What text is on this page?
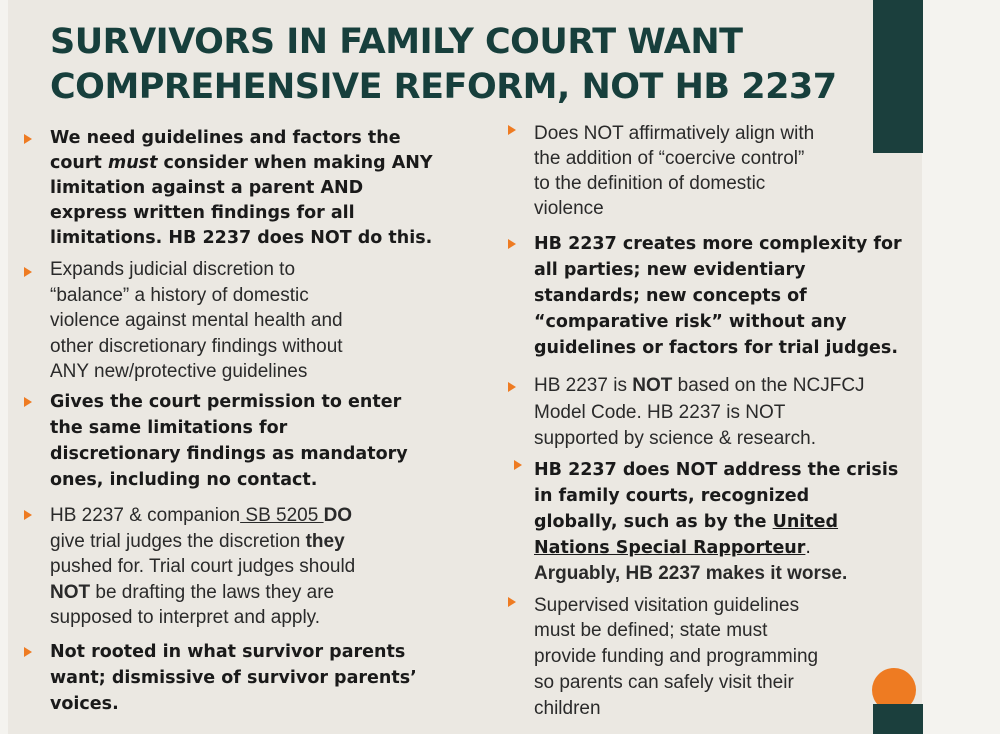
SURVIVORS IN FAMILY COURT WANT
COMPREHENSIVE REFORM, NOT HB 2237
We need guidelines and factors the
court must consider when making ANY
limitation against a parent AND
express written findings for all
limitations. HB 2237 does NOT do this.
Expands judicial discretion to
“balance” a history of domestic
violence against mental health and
other discretionary findings without
ANY new/protective guidelines
Gives the court permission to enter
the same limitations for
discretionary findings as mandatory
ones, including no contact.
HB 2237 & companion SB 5205 DO
give trial judges the discretion they
pushed for. Trial court judges should
NOT be drafting the laws they are
supposed to interpret and apply.
Not rooted in what survivor parents
want; dismissive of survivor parents’
voices.
Does NOT affirmatively align with
the addition of “coercive control”
to the definition of domestic
violence
HB 2237 creates more complexity for
all parties; new evidentiary
standards; new concepts of
“comparative risk” without any
guidelines or factors for trial judges.
HB 2237 is NOT based on the NCJFCJ
Model Code. HB 2237 is NOT
supported by science & research.
HB 2237 does NOT address the crisis
in family courts, recognized
globally, such as by the United
Nations Special Rapporteur.
Arguably, HB 2237 makes it worse.
Supervised visitation guidelines
must be defined; state must
provide funding and programming
so parents can safely visit their
children
